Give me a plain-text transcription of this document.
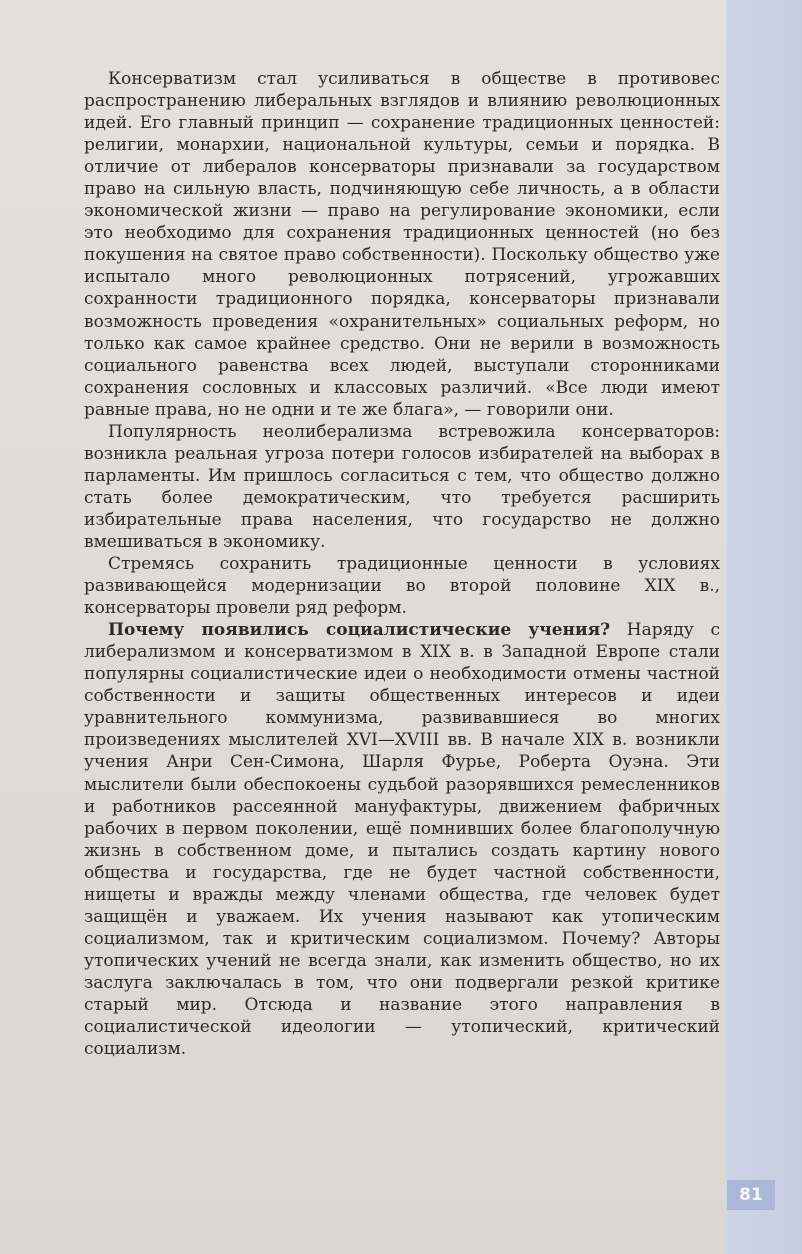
81

Консерватизм стал усиливаться в обществе в противовес распространению либеральных взглядов и влиянию революционных идей. Его главный принцип — сохранение традиционных ценностей: религии, монархии, национальной культуры, семьи и порядка. В отличие от либералов консерваторы признавали за государством право на сильную власть, подчиняющую себе личность, а в области экономической жизни — право на регулирование экономики, если это необходимо для сохранения традиционных ценностей (но без покушения на святое право собственности). Поскольку общество уже испытало много революционных потрясений, угрожавших сохранности традиционного порядка, консерваторы признавали возможность проведения «охранительных» социальных реформ, но только как самое крайнее средство. Они не верили в возможность социального равенства всех людей, выступали сторонниками сохранения сословных и классовых различий. «Все люди имеют равные права, но не одни и те же блага», — говорили они.

Популярность неолиберализма встревожила консерваторов: возникла реальная угроза потери голосов избирателей на выборах в парламенты. Им пришлось согласиться с тем, что общество должно стать более демократическим, что требуется расширить избирательные права населения, что государство не должно вмешиваться в экономику.

Стремясь сохранить традиционные ценности в условиях развивающейся модернизации во второй половине XIX в., консерваторы провели ряд реформ.

Почему появились социалистические учения? Наряду с либерализмом и консерватизмом в XIX в. в Западной Европе стали популярны социалистические идеи о необходимости отмены частной собственности и защиты общественных интересов и идеи уравнительного коммунизма, развивавшиеся во многих произведениях мыслителей XVI—XVIII вв. В начале XIX в. возникли учения Анри Сен-Симона, Шарля Фурье, Роберта Оуэна. Эти мыслители были обеспокоены судьбой разорявшихся ремесленников и работников рассеянной мануфактуры, движением фабричных рабочих в первом поколении, ещё помнивших более благополучную жизнь в собственном доме, и пытались создать картину нового общества и государства, где не будет частной собственности, нищеты и вражды между членами общества, где человек будет защищён и уважаем. Их учения называют как утопическим социализмом, так и критическим социализмом. Почему? Авторы утопических учений не всегда знали, как изменить общество, но их заслуга заключалась в том, что они подвергали резкой критике старый мир. Отсюда и название этого направления в социалистической идеологии — утопический, критический социализм.
